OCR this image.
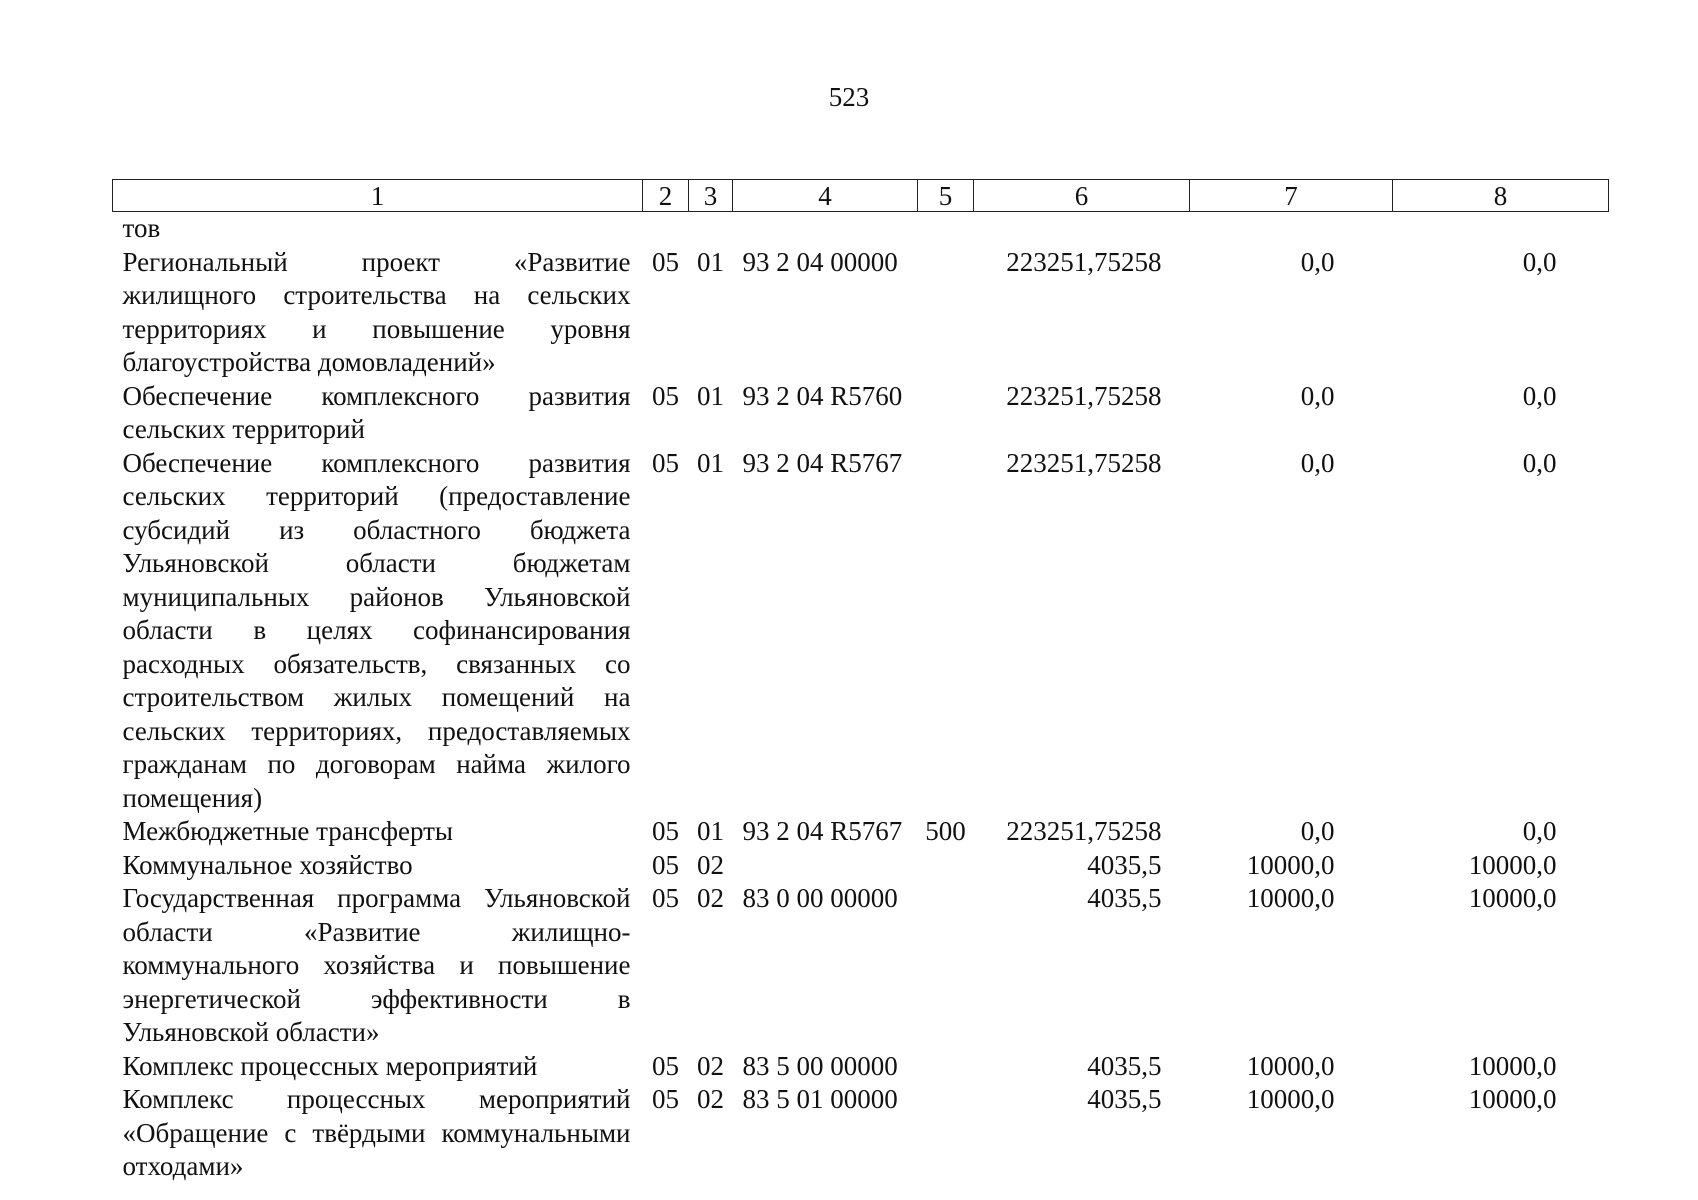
523
1	2	3	4	5	6	7	8
тов							
Региональный проект «Развитие жилищного строительства на сельских территориях и повышение уровня благоустройства домовладений»	05	01	93 2 04 00000		223251,75258	0,0	0,0
Обеспечение комплексного развития сельских территорий	05	01	93 2 04 R5760		223251,75258	0,0	0,0
Обеспечение комплексного развития сельских территорий (предоставление субсидий из областного бюджета Ульяновской области бюджетам муниципальных районов Ульяновской области в целях софинансирования расходных обязательств, связанных со строительством жилых помещений на сельских территориях, предоставляемых гражданам по договорам найма жилого помещения)	05	01	93 2 04 R5767		223251,75258	0,0	0,0
Межбюджетные трансферты	05	01	93 2 04 R5767	500	223251,75258	0,0	0,0
Коммунальное хозяйство	05	02			4035,5	10000,0	10000,0
Государственная программа Ульяновской области «Развитие жилищно-коммунального хозяйства и повышение энергетической эффективности в Ульяновской области»	05	02	83 0 00 00000		4035,5	10000,0	10000,0
Комплекс процессных мероприятий	05	02	83 5 00 00000		4035,5	10000,0	10000,0
Комплекс процессных мероприятий «Обращение с твёрдыми коммунальными отходами»	05	02	83 5 01 00000		4035,5	10000,0	10000,0
